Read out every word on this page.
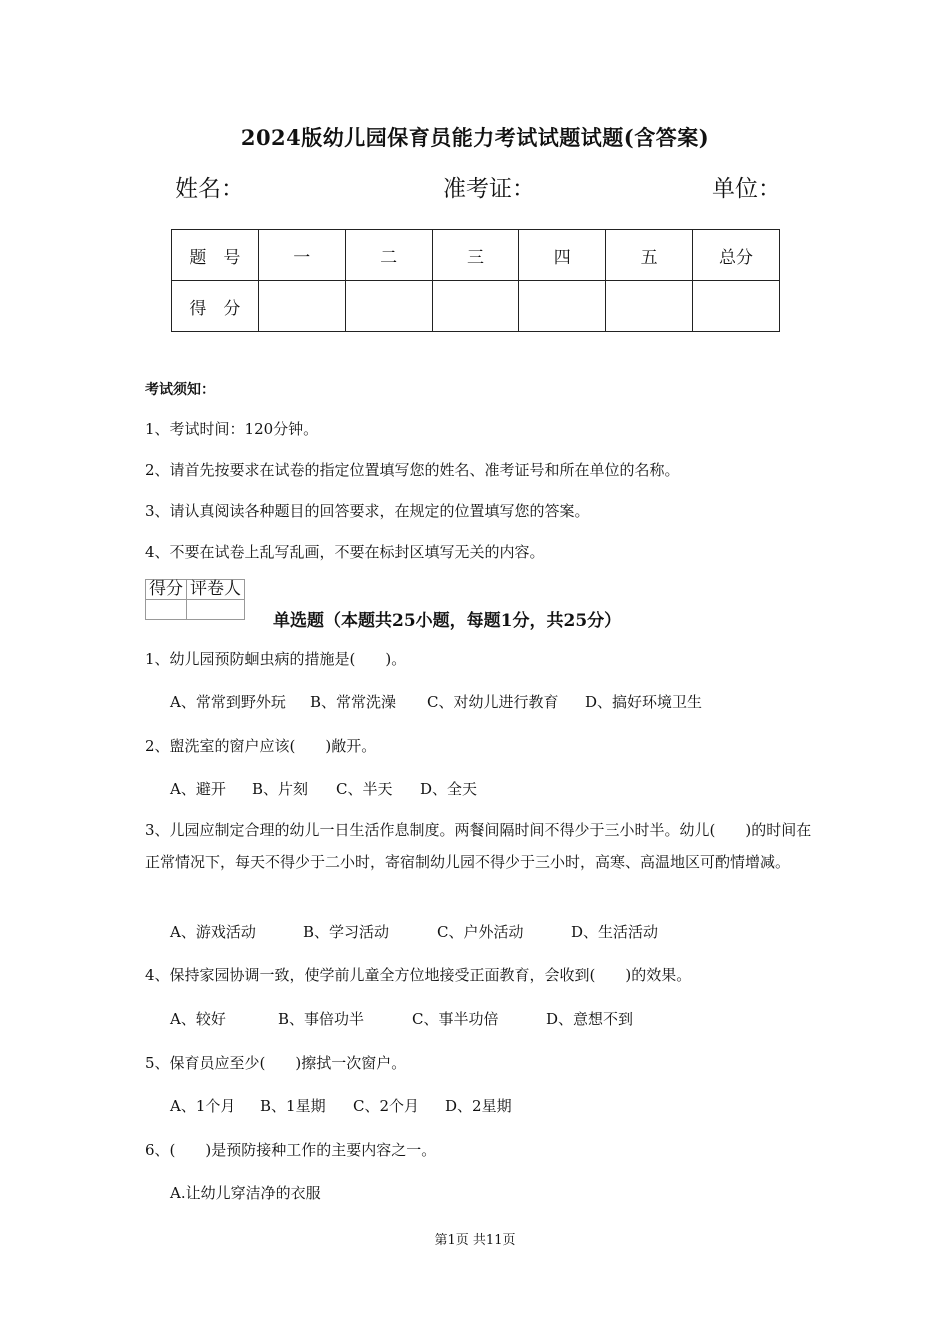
2024版幼儿园保育员能力考试试题试题(含答案)
姓名：	准考证：	单位：
题　号	一	二	三	四	五	总分
得　分						
考试须知：
1、考试时间：120分钟。
2、请首先按要求在试卷的指定位置填写您的姓名、准考证号和所在单位的名称。
3、请认真阅读各种题目的回答要求，在规定的位置填写您的答案。
4、不要在试卷上乱写乱画，不要在标封区填写无关的内容。
得分	评卷人

单选题（本题共25小题，每题1分，共25分）
1、幼儿园预防蛔虫病的措施是(　　)。
A、常常到野外玩 B、常常洗澡 C、对幼儿进行教育 D、搞好环境卫生
2、盥洗室的窗户应该(　　)敞开。
A、避开 B、片刻 C、半天 D、全天
3、儿园应制定合理的幼儿一日生活作息制度。两餐间隔时间不得少于三小时半。幼儿(　　)的时间在正常情况下，每天不得少于二小时，寄宿制幼儿园不得少于三小时，高寒、高温地区可酌情增减。
A、游戏活动	B、学习活动	C、户外活动	D、生活活动
4、保持家园协调一致，使学前儿童全方位地接受正面教育，会收到(　　)的效果。
A、较好	B、事倍功半	C、事半功倍	D、意想不到
5、保育员应至少(　　)擦拭一次窗户。
A、1个月 B、1星期 C、2个月 D、2星期
6、(　　)是预防接种工作的主要内容之一。
A.让幼儿穿洁净的衣服
第1页 共11页
